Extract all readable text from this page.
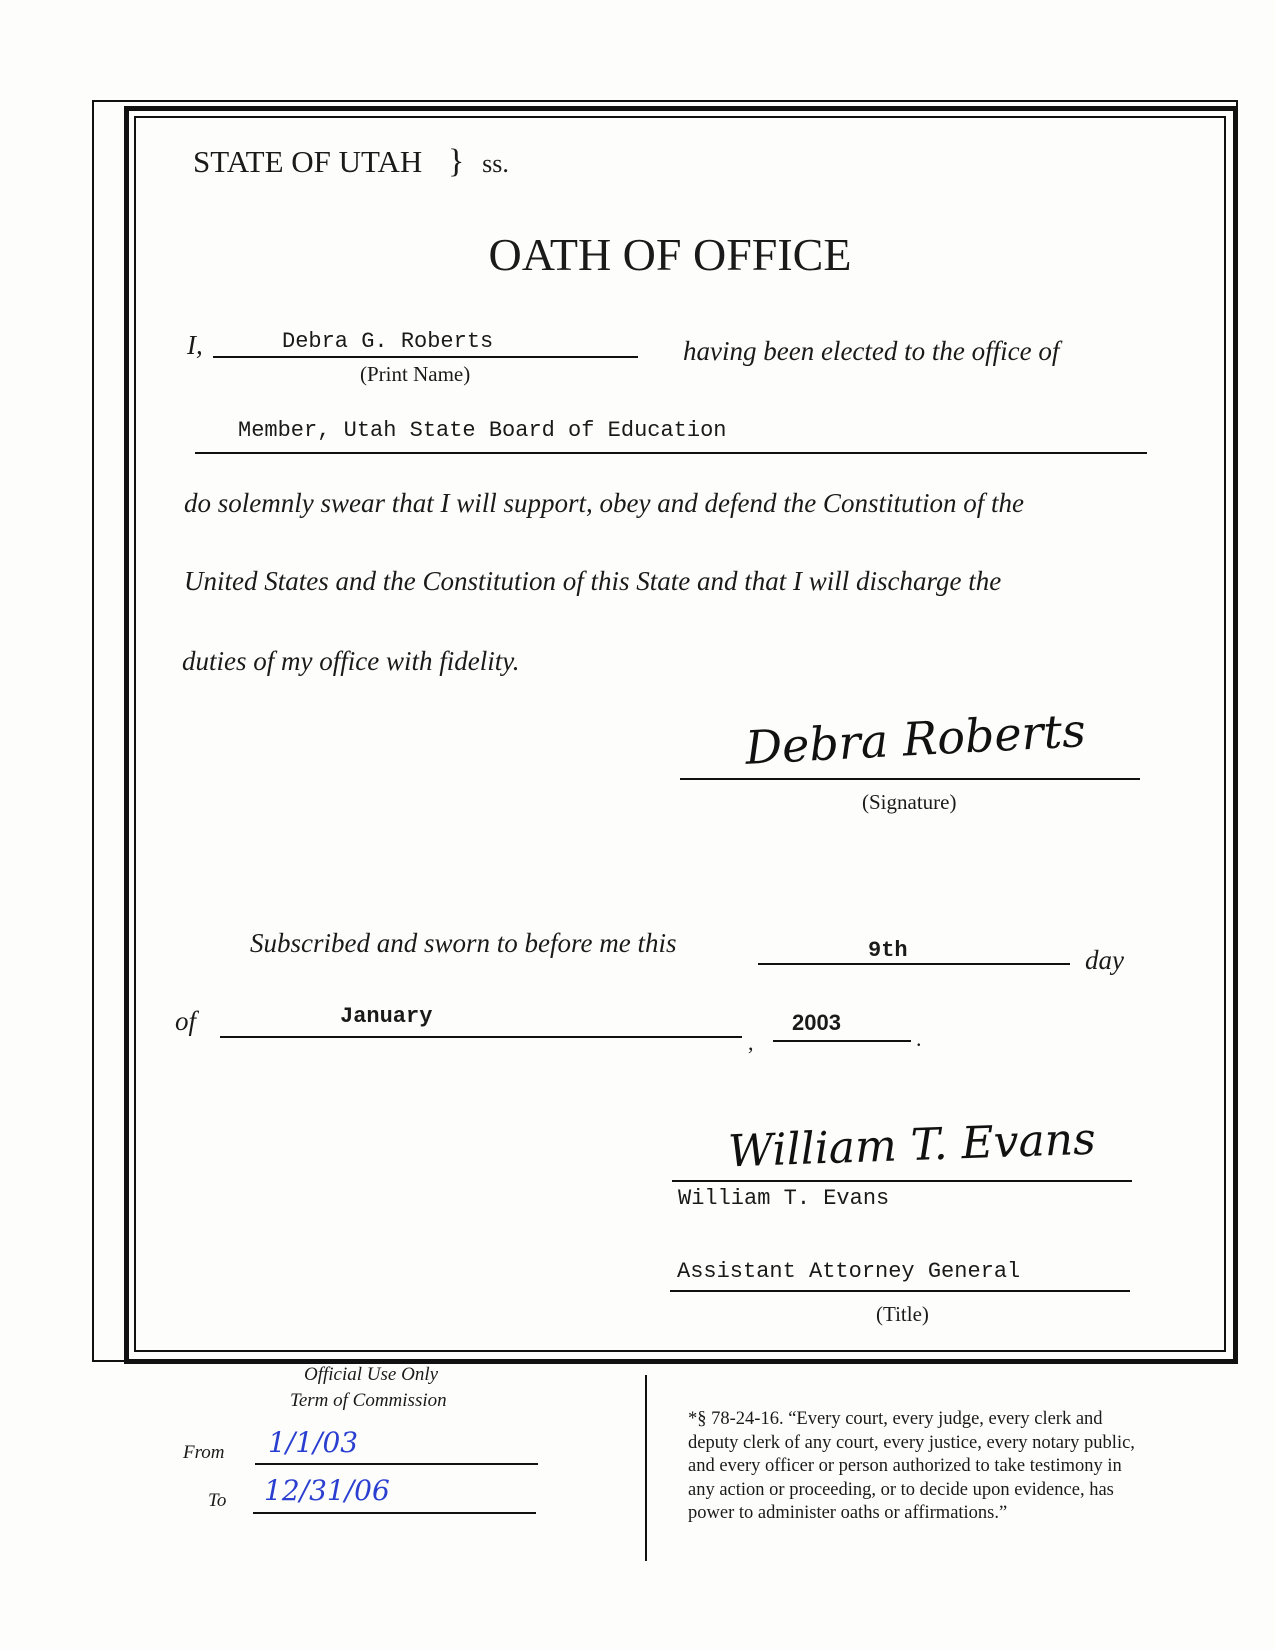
STATE OF UTAH } ss.
OATH OF OFFICE
I,	Debra G. Roberts
(Print Name)
having been elected to the office of
Member, Utah State Board of Education
do solemnly swear that I will support, obey and defend the Constitution of the
United States and the Constitution of this State and that I will discharge the
duties of my office with fidelity.
Debra Roberts
(Signature)
Subscribed and sworn to before me this	9th	day
of	January
,
2003
.
William T. Evans
William T. Evans
Assistant Attorney General
(Title)
Official Use Only
Term of Commission
From 1/1/03
To 12/31/06
*§ 78-24-16. “Every court, every judge, every clerk and
deputy clerk of any court, every justice, every notary public,
and every officer or person authorized to take testimony in
any action or proceeding, or to decide upon evidence, has
power to administer oaths or affirmations.”
